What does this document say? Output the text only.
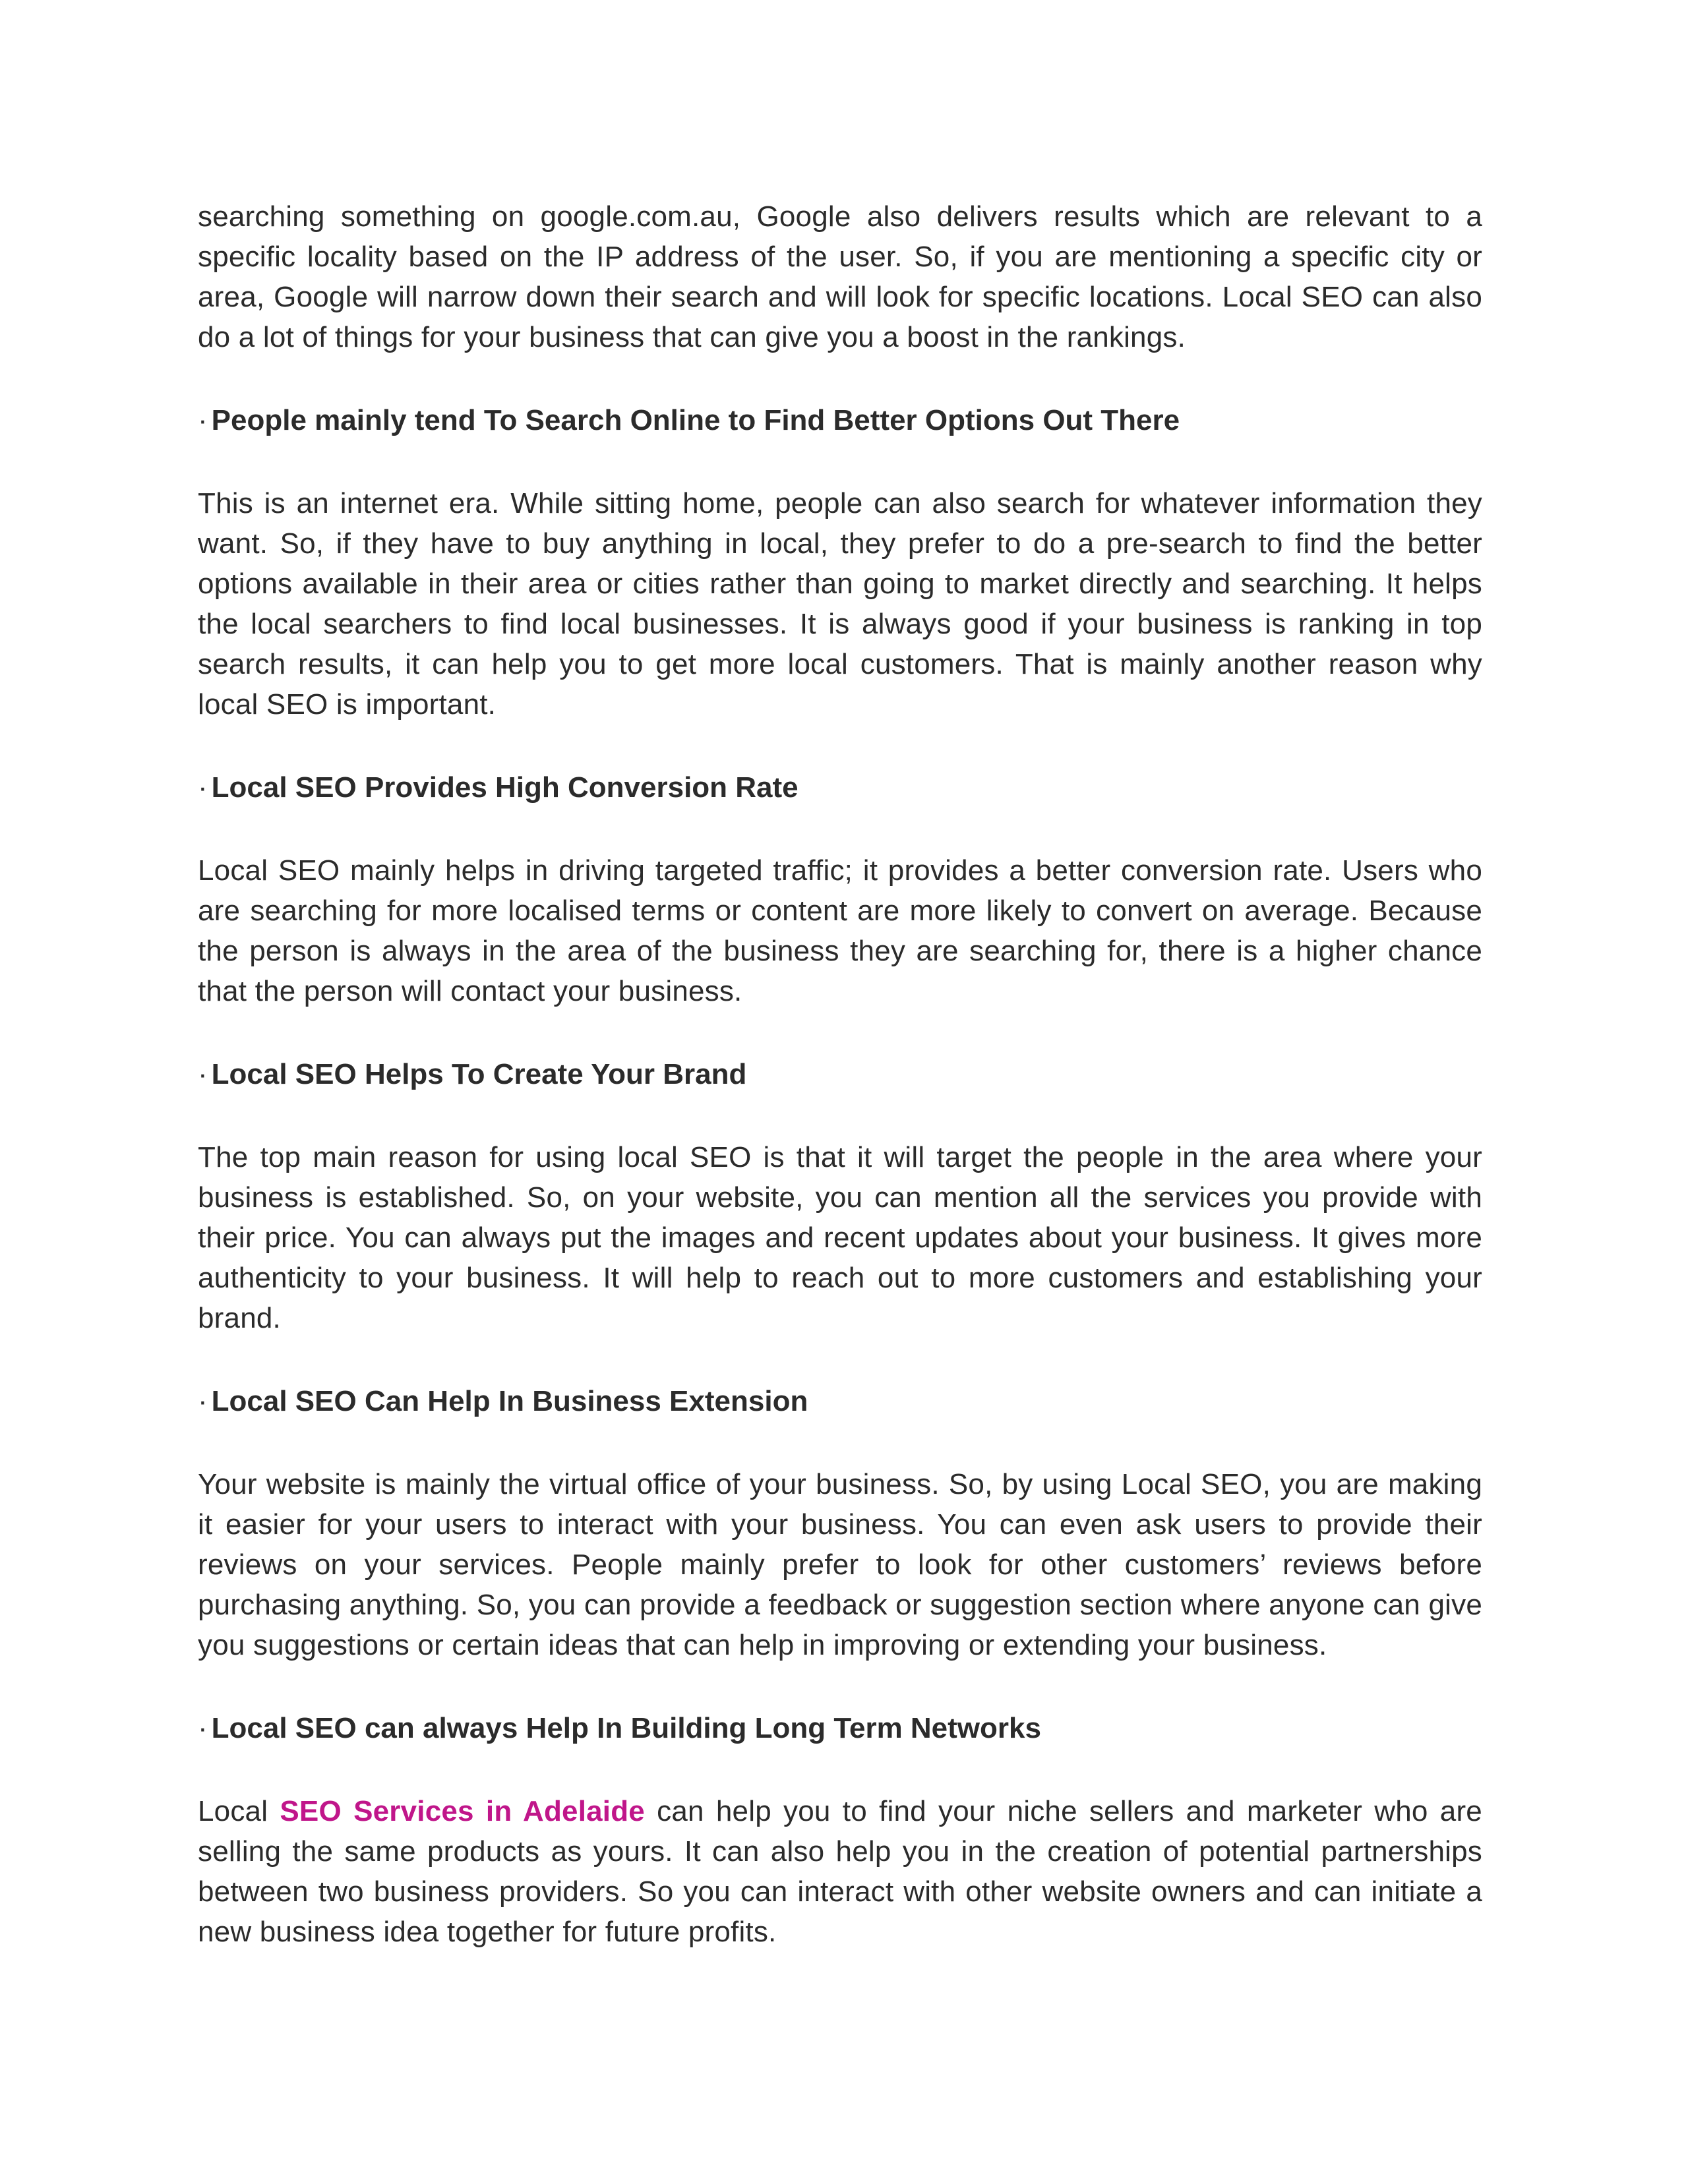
searching something on google.com.au, Google also delivers results which are relevant to a specific locality based on the IP address of the user. So, if you are mentioning a specific city or area, Google will narrow down their search and will look for specific locations. Local SEO can also do a lot of things for your business that can give you a boost in the rankings.

· People mainly tend To Search Online to Find Better Options Out There

This is an internet era. While sitting home, people can also search for whatever information they want. So, if they have to buy anything in local, they prefer to do a pre-search to find the better options available in their area or cities rather than going to market directly and searching. It helps the local searchers to find local businesses. It is always good if your business is ranking in top search results, it can help you to get more local customers. That is mainly another reason why local SEO is important.

· Local SEO Provides High Conversion Rate

Local SEO mainly helps in driving targeted traffic; it provides a better conversion rate. Users who are searching for more localised terms or content are more likely to convert on average. Because the person is always in the area of the business they are searching for, there is a higher chance that the person will contact your business.

· Local SEO Helps To Create Your Brand

The top main reason for using local SEO is that it will target the people in the area where your business is established. So, on your website, you can mention all the services you provide with their price. You can always put the images and recent updates about your business. It gives more authenticity to your business. It will help to reach out to more customers and establishing your brand.

· Local SEO Can Help In Business Extension

Your website is mainly the virtual office of your business. So, by using Local SEO, you are making it easier for your users to interact with your business. You can even ask users to provide their reviews on your services. People mainly prefer to look for other customers’ reviews before purchasing anything. So, you can provide a feedback or suggestion section where anyone can give you suggestions or certain ideas that can help in improving or extending your business.

· Local SEO can always Help In Building Long Term Networks

Local SEO Services in Adelaide can help you to find your niche sellers and marketer who are selling the same products as yours. It can also help you in the creation of potential partnerships between two business providers. So you can interact with other website owners and can initiate a new business idea together for future profits.
